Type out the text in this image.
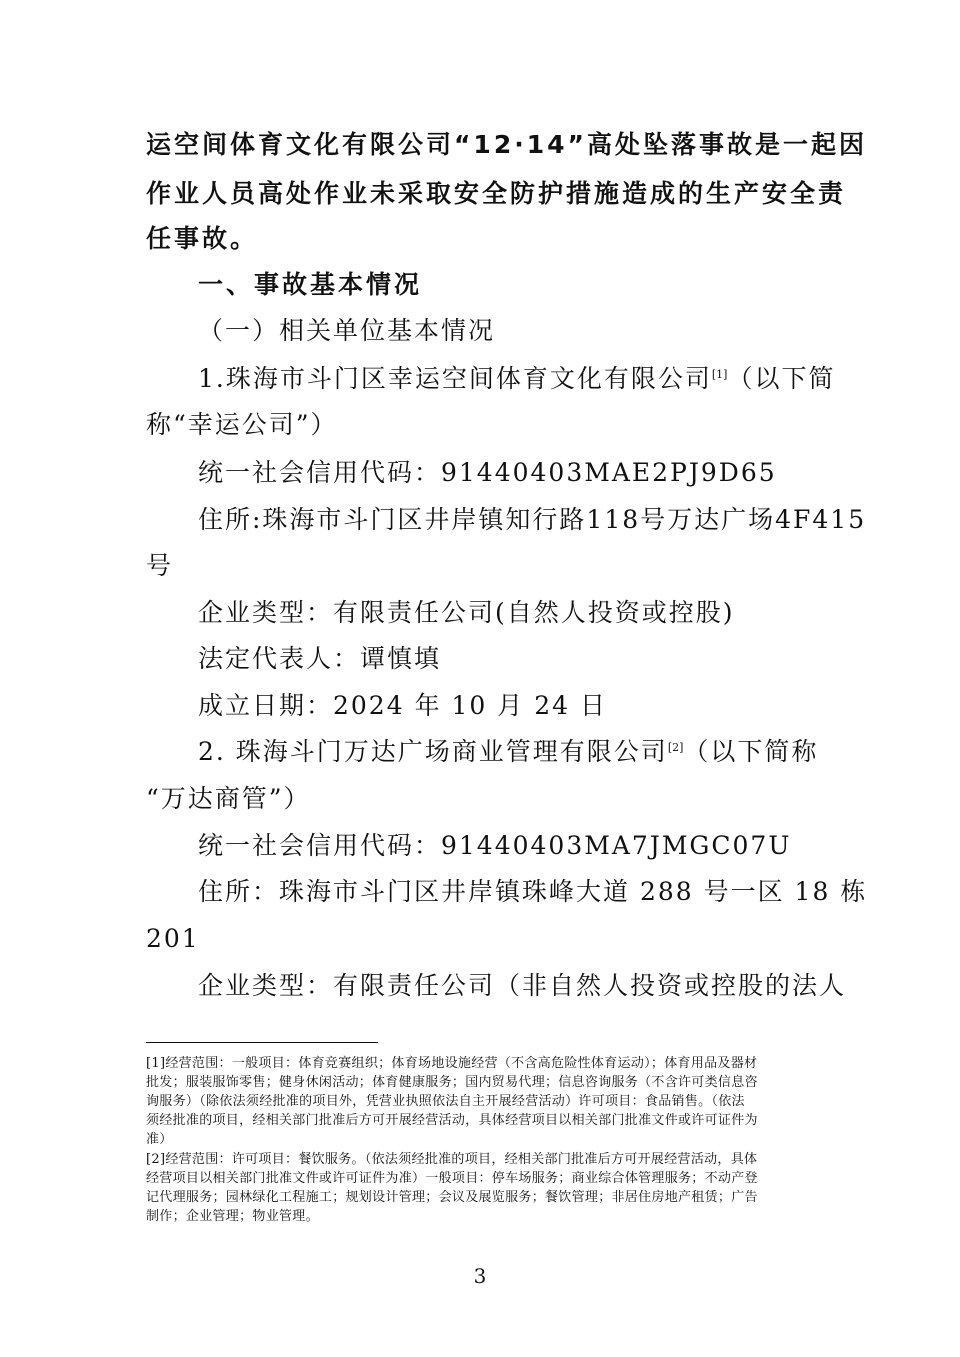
运空间体育文化有限公司“12·14”高处坠落事故是一起因
作业人员高处作业未采取安全防护措施造成的生产安全责
任事故。
一、事故基本情况
（一）相关单位基本情况
1.珠海市斗门区幸运空间体育文化有限公司[1]（以下简
称“幸运公司”）
统一社会信用代码：91440403MAE2PJ9D65
住所:珠海市斗门区井岸镇知行路118号万达广场4F415
号
企业类型：有限责任公司(自然人投资或控股)
法定代表人：谭慎填
成立日期：2024 年 10 月 24 日
2. 珠海斗门万达广场商业管理有限公司[2]（以下简称
“万达商管”）
统一社会信用代码：91440403MA7JMGC07U
住所：珠海市斗门区井岸镇珠峰大道 288 号一区 18 栋
201
企业类型：有限责任公司（非自然人投资或控股的法人
[1]经营范围：一般项目：体育竞赛组织；体育场地设施经营（不含高危险性体育运动）；体育用品及器材
批发；服装服饰零售；健身休闲活动；体育健康服务；国内贸易代理；信息咨询服务（不含许可类信息咨
询服务）（除依法须经批准的项目外，凭营业执照依法自主开展经营活动）许可项目：食品销售。（依法
须经批准的项目，经相关部门批准后方可开展经营活动，具体经营项目以相关部门批准文件或许可证件为
准）
[2]经营范围：许可项目：餐饮服务。（依法须经批准的项目，经相关部门批准后方可开展经营活动，具体
经营项目以相关部门批准文件或许可证件为准）一般项目：停车场服务；商业综合体管理服务；不动产登
记代理服务；园林绿化工程施工；规划设计管理；会议及展览服务；餐饮管理；非居住房地产租赁；广告
制作；企业管理；物业管理。
3
